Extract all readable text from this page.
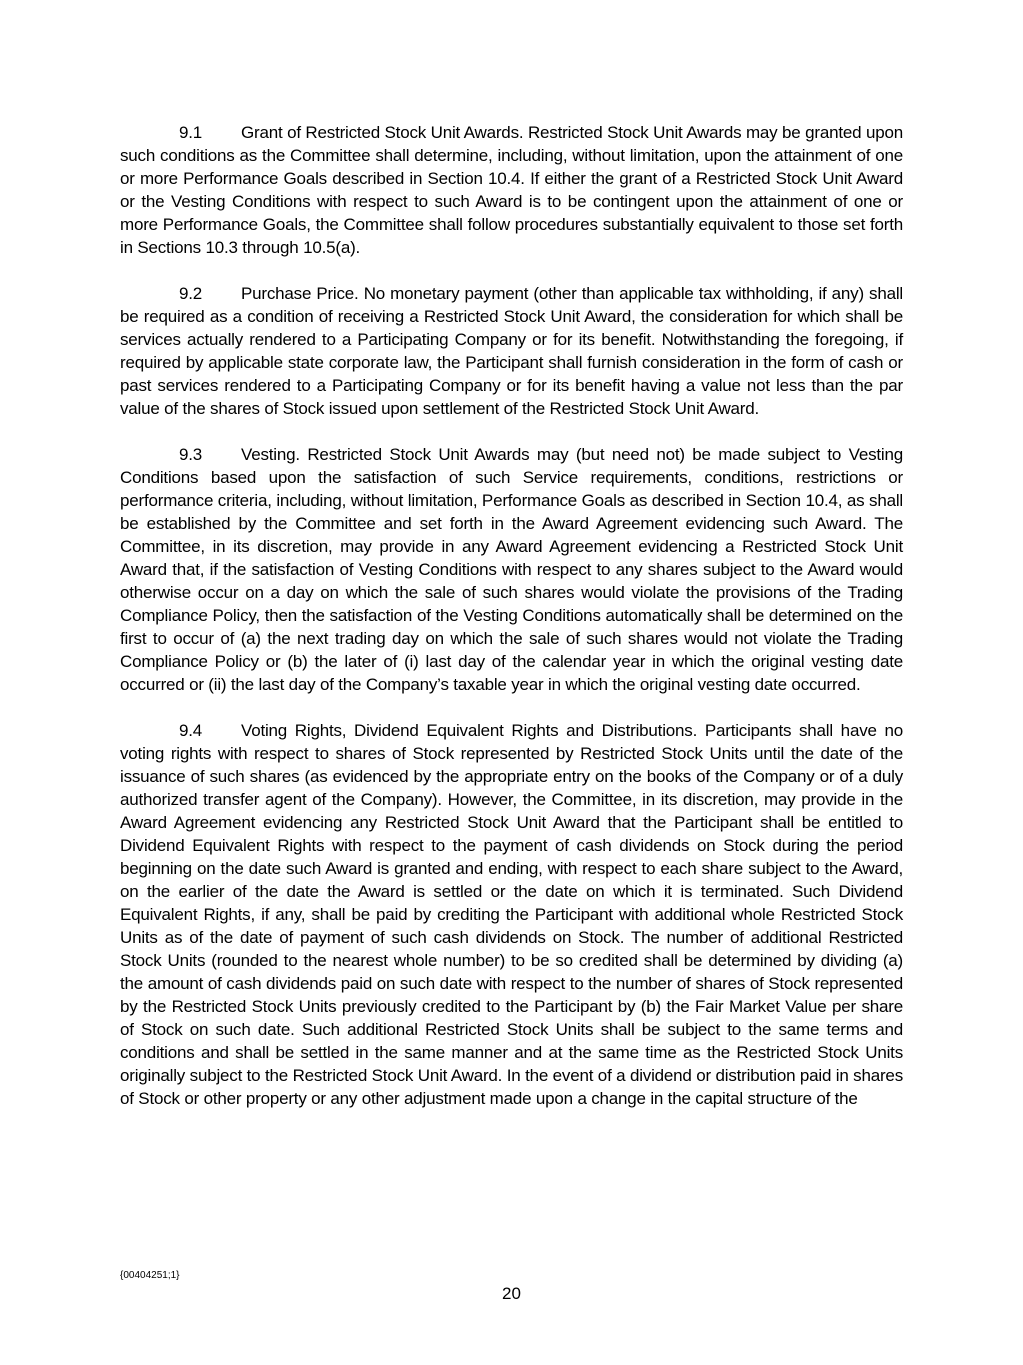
9.1 Grant of Restricted Stock Unit Awards. Restricted Stock Unit Awards may be granted upon such conditions as the Committee shall determine, including, without limitation, upon the attainment of one or more Performance Goals described in Section 10.4. If either the grant of a Restricted Stock Unit Award or the Vesting Conditions with respect to such Award is to be contingent upon the attainment of one or more Performance Goals, the Committee shall follow procedures substantially equivalent to those set forth in Sections 10.3 through 10.5(a).

9.2 Purchase Price. No monetary payment (other than applicable tax withholding, if any) shall be required as a condition of receiving a Restricted Stock Unit Award, the consideration for which shall be services actually rendered to a Participating Company or for its benefit. Notwithstanding the foregoing, if required by applicable state corporate law, the Participant shall furnish consideration in the form of cash or past services rendered to a Participating Company or for its benefit having a value not less than the par value of the shares of Stock issued upon settlement of the Restricted Stock Unit Award.

9.3 Vesting. Restricted Stock Unit Awards may (but need not) be made subject to Vesting Conditions based upon the satisfaction of such Service requirements, conditions, restrictions or performance criteria, including, without limitation, Performance Goals as described in Section 10.4, as shall be established by the Committee and set forth in the Award Agreement evidencing such Award. The Committee, in its discretion, may provide in any Award Agreement evidencing a Restricted Stock Unit Award that, if the satisfaction of Vesting Conditions with respect to any shares subject to the Award would otherwise occur on a day on which the sale of such shares would violate the provisions of the Trading Compliance Policy, then the satisfaction of the Vesting Conditions automatically shall be determined on the first to occur of (a) the next trading day on which the sale of such shares would not violate the Trading Compliance Policy or (b) the later of (i) last day of the calendar year in which the original vesting date occurred or (ii) the last day of the Company’s taxable year in which the original vesting date occurred.

9.4 Voting Rights, Dividend Equivalent Rights and Distributions. Participants shall have no voting rights with respect to shares of Stock represented by Restricted Stock Units until the date of the issuance of such shares (as evidenced by the appropriate entry on the books of the Company or of a duly authorized transfer agent of the Company). However, the Committee, in its discretion, may provide in the Award Agreement evidencing any Restricted Stock Unit Award that the Participant shall be entitled to Dividend Equivalent Rights with respect to the payment of cash dividends on Stock during the period beginning on the date such Award is granted and ending, with respect to each share subject to the Award, on the earlier of the date the Award is settled or the date on which it is terminated. Such Dividend Equivalent Rights, if any, shall be paid by crediting the Participant with additional whole Restricted Stock Units as of the date of payment of such cash dividends on Stock. The number of additional Restricted Stock Units (rounded to the nearest whole number) to be so credited shall be determined by dividing (a) the amount of cash dividends paid on such date with respect to the number of shares of Stock represented by the Restricted Stock Units previously credited to the Participant by (b) the Fair Market Value per share of Stock on such date. Such additional Restricted Stock Units shall be subject to the same terms and conditions and shall be settled in the same manner and at the same time as the Restricted Stock Units originally subject to the Restricted Stock Unit Award. In the event of a dividend or distribution paid in shares of Stock or other property or any other adjustment made upon a change in the capital structure of the

{00404251;1}
20
